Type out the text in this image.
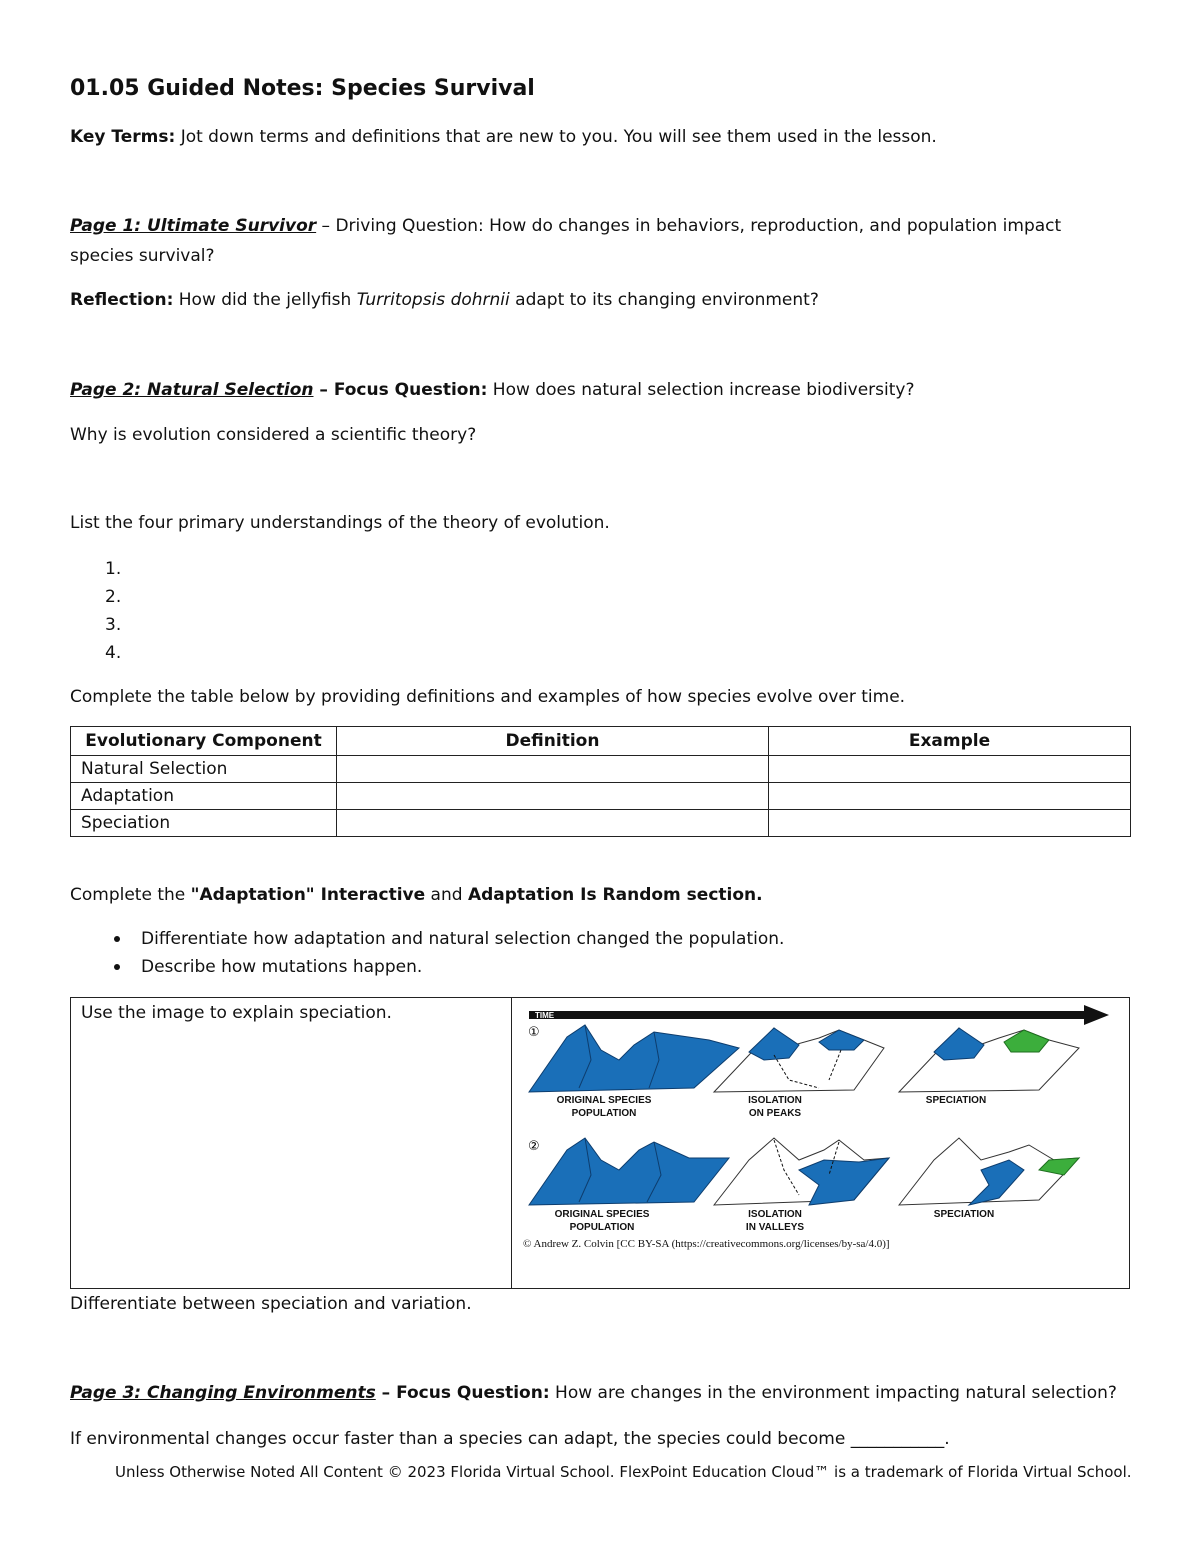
01.05 Guided Notes: Species Survival
Key Terms: Jot down terms and definitions that are new to you. You will see them used in the lesson.
Page 1: Ultimate Survivor – Driving Question: How do changes in behaviors, reproduction, and population impact
species survival?
Reflection: How did the jellyfish Turritopsis dohrnii adapt to its changing environment?
Page 2: Natural Selection – Focus Question: How does natural selection increase biodiversity?
Why is evolution considered a scientific theory?
List the four primary understandings of the theory of evolution.
1.
2.
3.
4.
Complete the table below by providing definitions and examples of how species evolve over time.
Evolutionary Component	Definition	Example
Natural Selection		
Adaptation		
Speciation		
Complete the "Adaptation" Interactive and Adaptation Is Random section.
Differentiate how adaptation and natural selection changed the population.
Describe how mutations happen.
Use the image to explain speciation.	TIME
①
②
ORIGINAL SPECIES
POPULATION
ISOLATION
ON PEAKS
SPECIATION
ORIGINAL SPECIES
POPULATION
ISOLATION
IN VALLEYS
SPECIATION
© Andrew Z. Colvin [CC BY-SA (https://creativecommons.org/licenses/by-sa/4.0)]
Differentiate between speciation and variation.
Page 3: Changing Environments – Focus Question: How are changes in the environment impacting natural selection?
If environmental changes occur faster than a species can adapt, the species could become ___________.
Unless Otherwise Noted All Content © 2023 Florida Virtual School. FlexPoint Education Cloud™ is a trademark of Florida Virtual School.
